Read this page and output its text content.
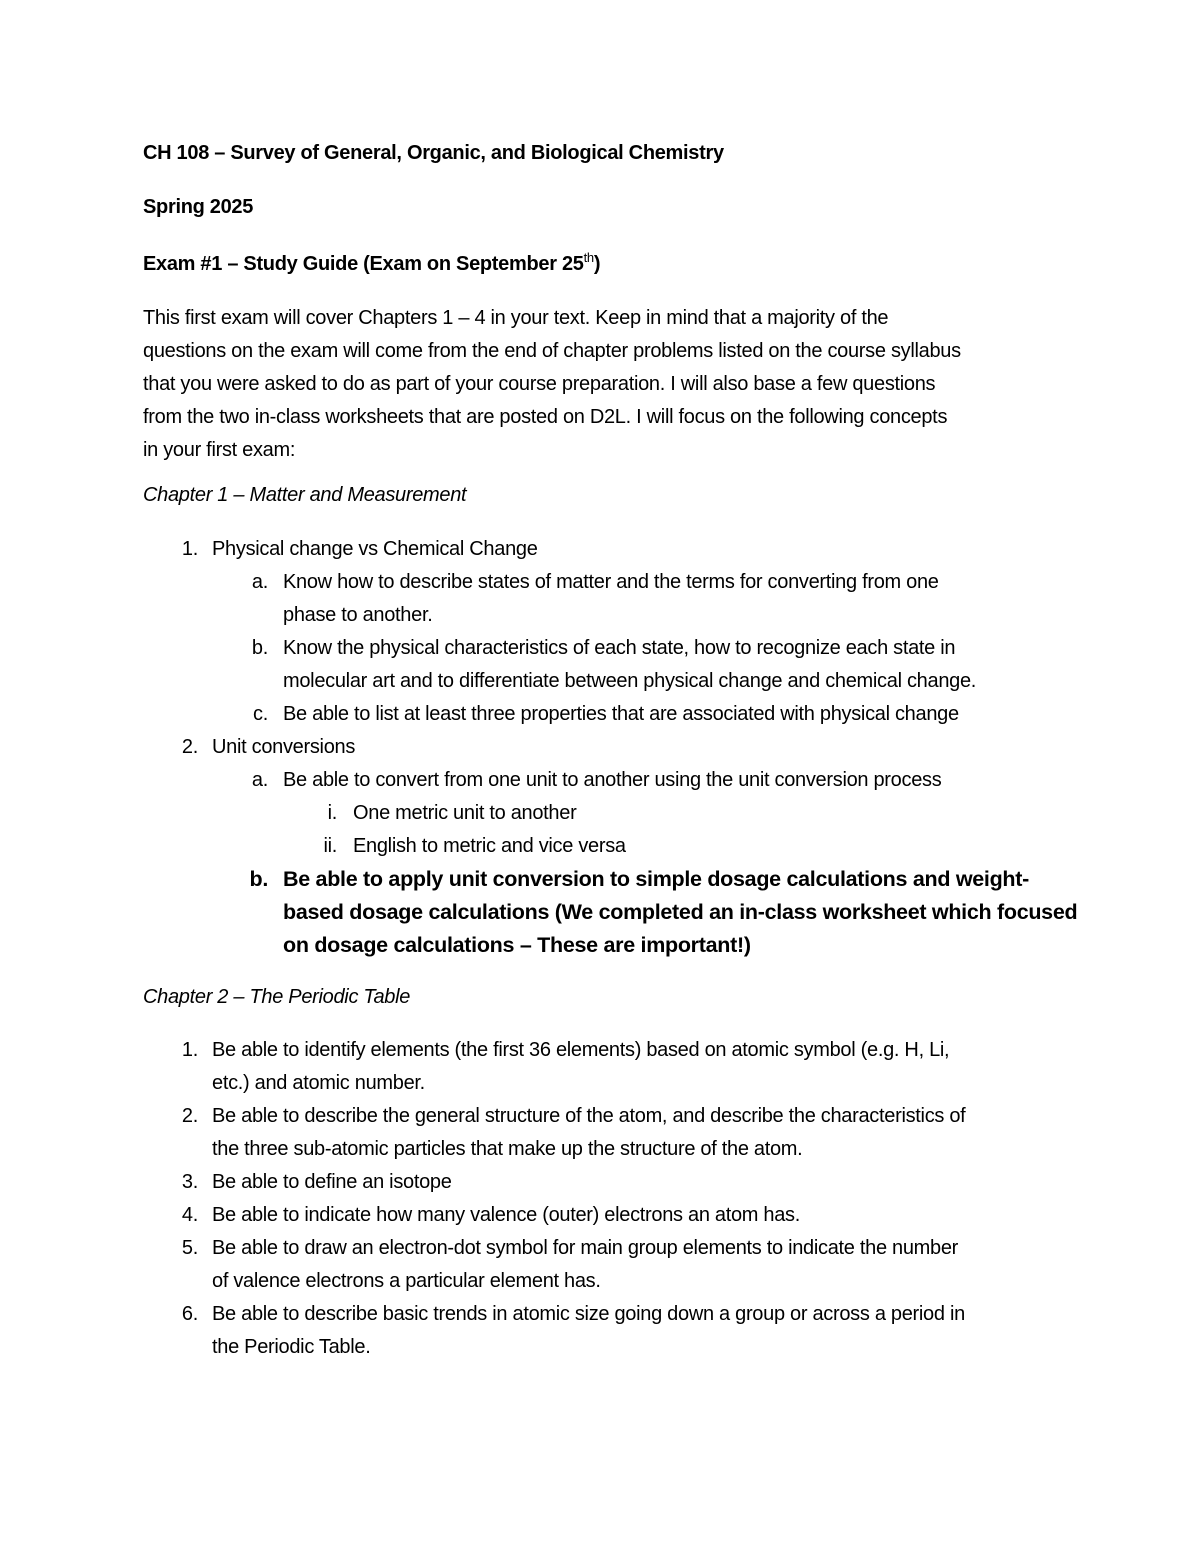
CH 108 – Survey of General, Organic, and Biological Chemistry
Spring 2025
Exam #1 – Study Guide (Exam on September 25th)
This first exam will cover Chapters 1 – 4 in your text. Keep in mind that a majority of the
questions on the exam will come from the end of chapter problems listed on the course syllabus
that you were asked to do as part of your course preparation. I will also base a few questions
from the two in-class worksheets that are posted on D2L. I will focus on the following concepts
in your first exam:
Chapter 1 – Matter and Measurement
1. Physical change vs Chemical Change
a. Know how to describe states of matter and the terms for converting from one
phase to another.
b. Know the physical characteristics of each state, how to recognize each state in
molecular art and to differentiate between physical change and chemical change.
c. Be able to list at least three properties that are associated with physical change
2. Unit conversions
a. Be able to convert from one unit to another using the unit conversion process
i. One metric unit to another
ii. English to metric and vice versa
b. Be able to apply unit conversion to simple dosage calculations and weight-
based dosage calculations (We completed an in-class worksheet which focused
on dosage calculations – These are important!)
Chapter 2 – The Periodic Table
1. Be able to identify elements (the first 36 elements) based on atomic symbol (e.g. H, Li,
etc.) and atomic number.
2. Be able to describe the general structure of the atom, and describe the characteristics of
the three sub-atomic particles that make up the structure of the atom.
3. Be able to define an isotope
4. Be able to indicate how many valence (outer) electrons an atom has.
5. Be able to draw an electron-dot symbol for main group elements to indicate the number
of valence electrons a particular element has.
6. Be able to describe basic trends in atomic size going down a group or across a period in
the Periodic Table.
